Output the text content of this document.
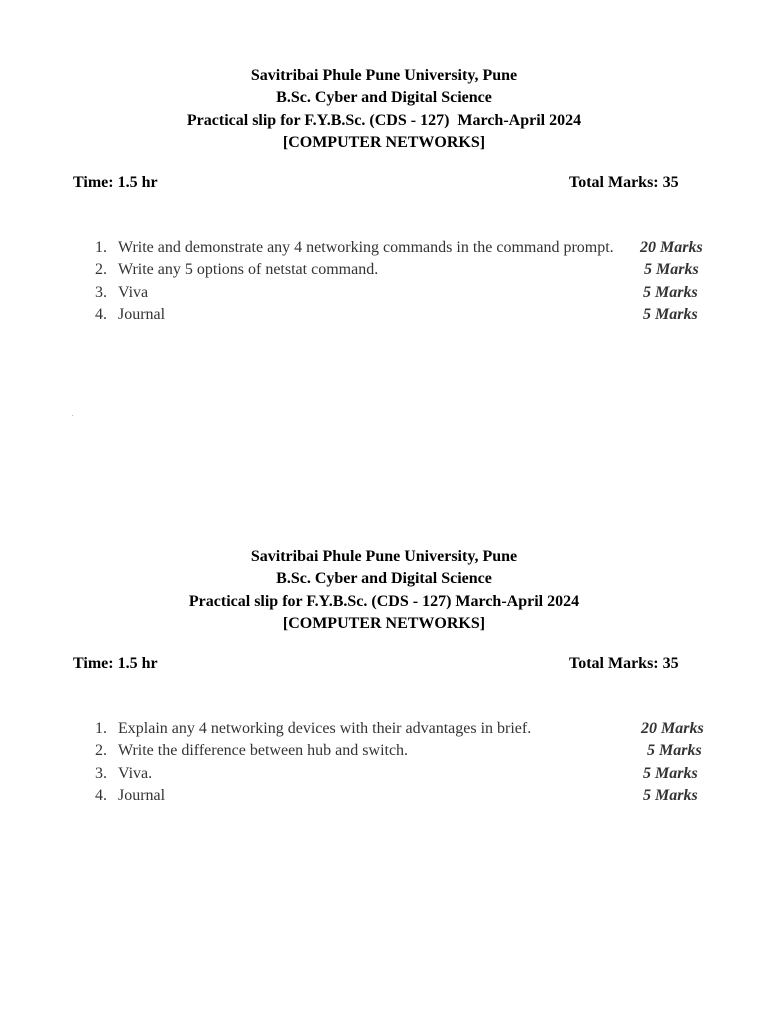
Savitribai Phule Pune University, Pune
B.Sc. Cyber and Digital Science
Practical slip for F.Y.B.Sc. (CDS - 127)  March-April 2024
[COMPUTER NETWORKS]
Time: 1.5 hr	Total Marks: 35
1. Write and demonstrate any 4 networking commands in the command prompt. 20 Marks
2. Write any 5 options of netstat command.	5 Marks
3. Viva	5 Marks
4. Journal	5 Marks
Savitribai Phule Pune University, Pune
B.Sc. Cyber and Digital Science
Practical slip for F.Y.B.Sc. (CDS - 127) March-April 2024
[COMPUTER NETWORKS]
Time: 1.5 hr	Total Marks: 35
1. Explain any 4 networking devices with their advantages in brief.	20 Marks
2. Write the difference between hub and switch.	5 Marks
3. Viva.	5 Marks
4. Journal	5 Marks
